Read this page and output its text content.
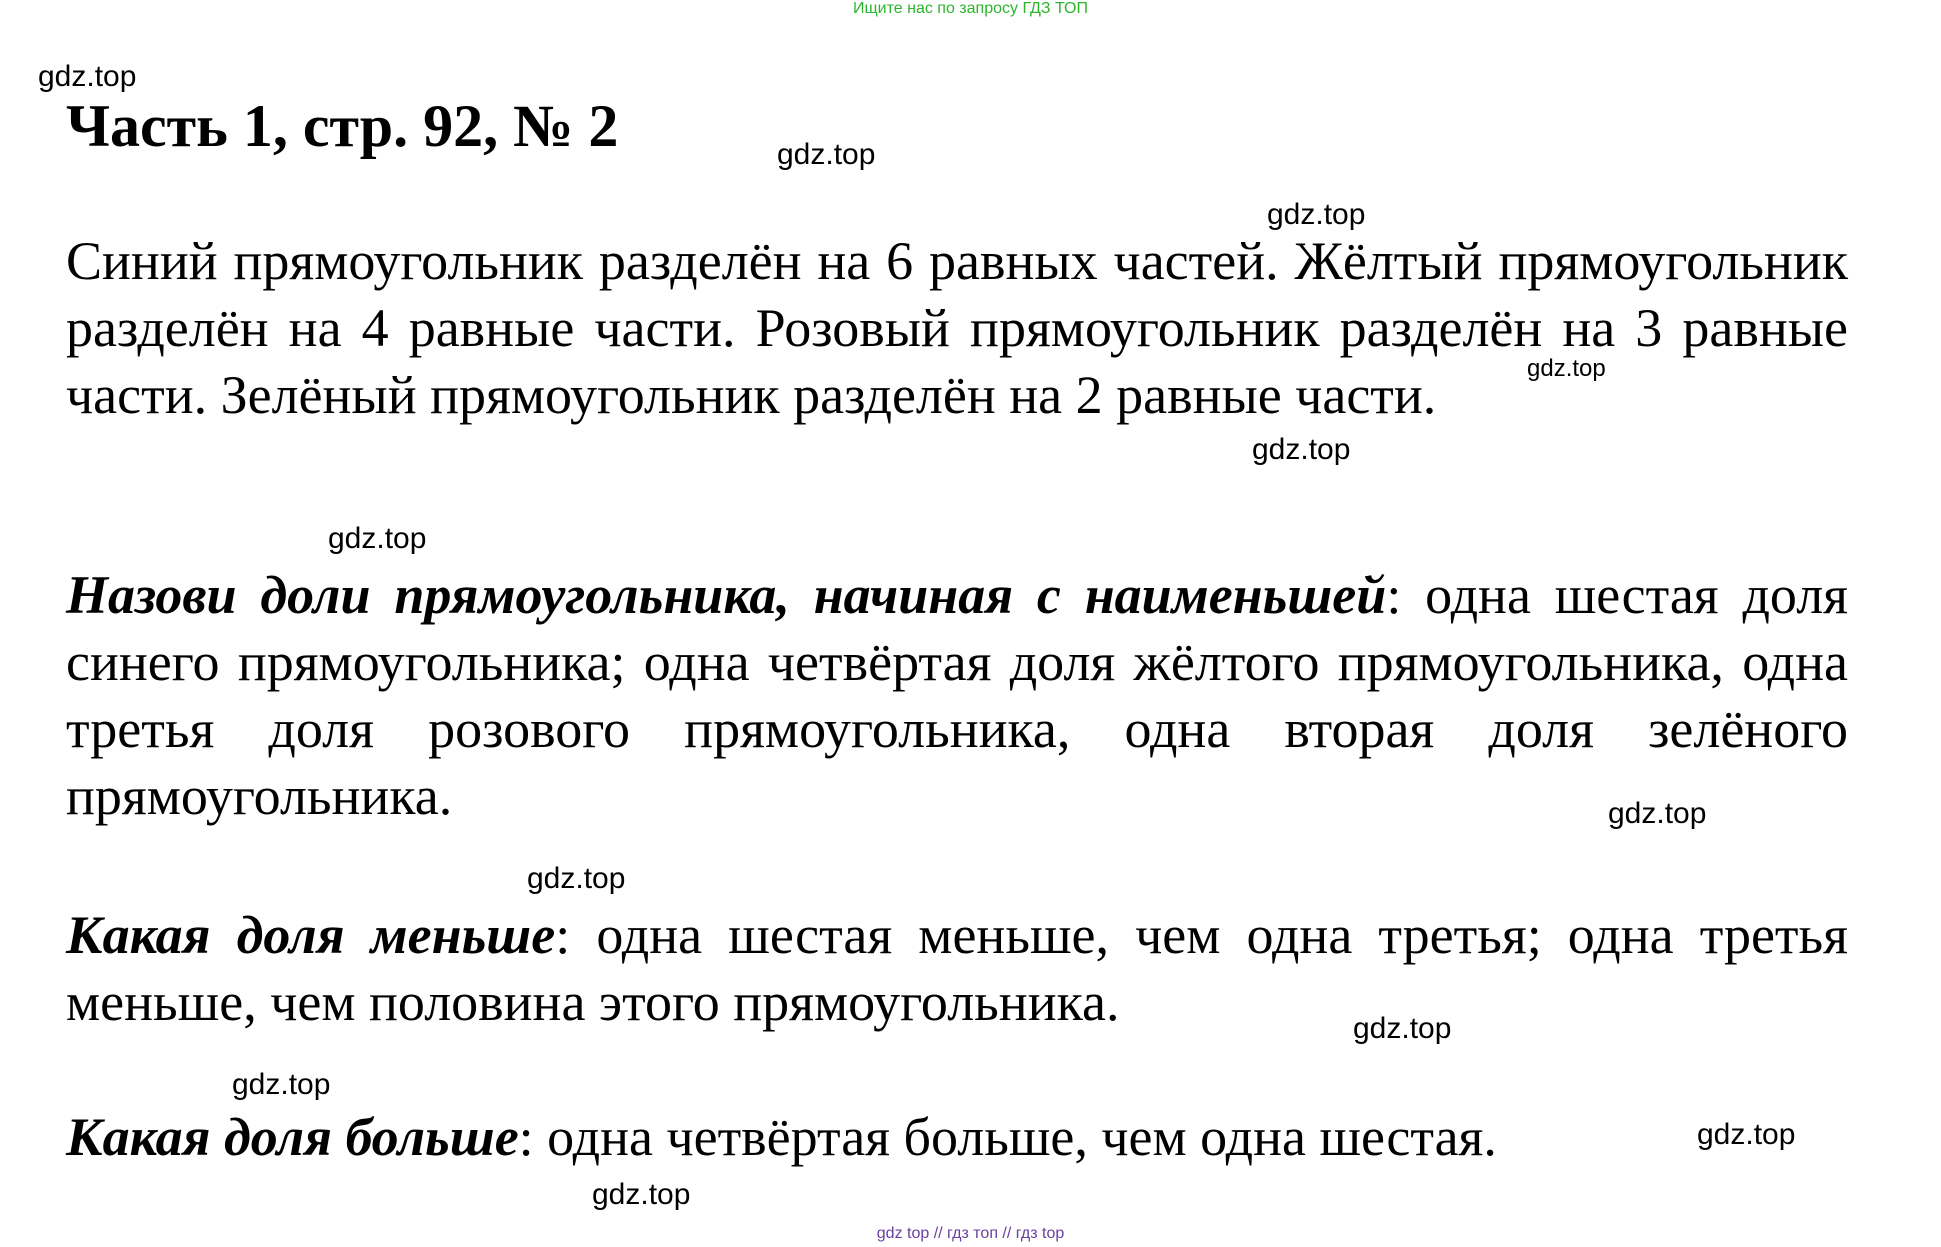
Ищите нас по запросу ГДЗ ТОП
Часть 1, стр. 92, № 2

Синий прямоугольник разделён на 6 равных частей. Жёлтый прямоугольник разделён на 4 равные части. Розовый прямоугольник разделён на 3 равные части. Зелёный прямоугольник разделён на 2 равные части.

Назови доли прямоугольника, начиная с наименьшей: одна шестая доля синего прямоугольника; одна четвёртая доля жёлтого прямоугольника, одна третья доля розового прямоугольника, одна вторая доля зелёного прямоугольника.

Какая доля меньше: одна шестая меньше, чем одна третья; одна третья меньше, чем половина этого прямоугольника.

Какая доля больше: одна четвёртая больше, чем одна шестая.

gdz.top
gdz.top
gdz.top
gdz.top
gdz.top
gdz.top
gdz.top
gdz.top
gdz.top
gdz.top
gdz.top
gdz.top
gdz top // гдз топ // гдз top
